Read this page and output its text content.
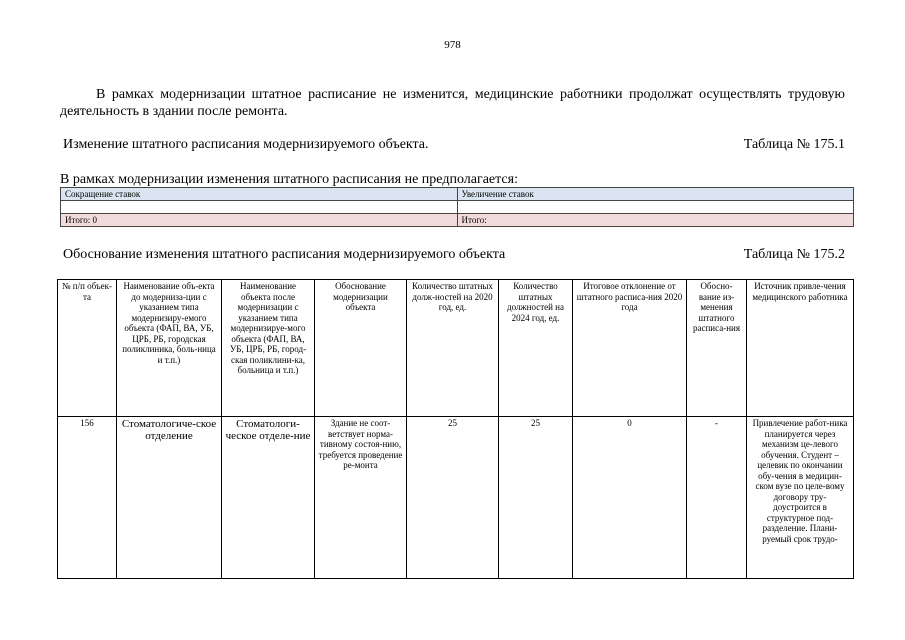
978
В рамках модернизации штатное расписание не изменится, медицинские работники продолжат осуществлять трудовую деятельность в здании после ремонта.
Изменение штатного расписания модернизируемого объекта.	Таблица № 175.1
В рамках модернизации изменения штатного расписания не предполагается:
Сокращение ставок	Увеличение ставок

Итого: 0	Итого:
Обоснование изменения штатного расписания модернизируемого объекта	Таблица № 175.2
№ п/п объек-та	Наименование объ-екта до модерниза-ции с указанием типа модернизиру-емого объекта (ФАП, ВА, УБ, ЦРБ, РБ, городская поликлиника, боль-ница и т.п.)	Наименование объекта после модернизации с указанием типа модернизируе-мого объекта (ФАП, ВА, УБ, ЦРБ, РБ, город-ская поликлини-ка, больница и т.п.)	Обоснование модернизации объекта	Количество штатных долж-ностей на 2020 год, ед.	Количество штатных должностей на 2024 год, ед.	Итоговое отклонение от штатного расписа-ния 2020 года	Обосно-вание из-менения штатного расписа-ния	Источник привле-чения медицинского работника
156	Стоматологиче-ское отделение	Стоматологи-ческое отделе-ние	Здание не соот-ветствует норма-тивному состоя-нию, требуется проведение ре-монта	25	25	0	-	Привлечение работ-ника планируется через механизм це-левого обучения. Студент – целевик по окончании обу-чения в медицин-ском вузе по целе-вому договору тру-доустроится в структурное под-разделение. Плани-руемый срок трудо-
